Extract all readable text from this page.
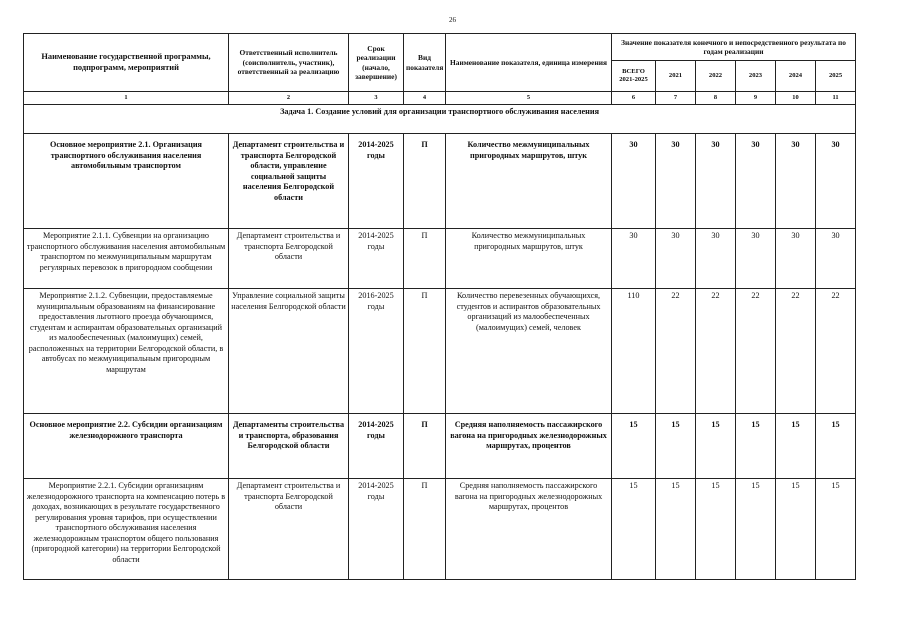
26
Наименование государственной программы, подпрограмм, мероприятий	Ответственный исполнитель (соисполнитель, участник), ответственный за реализацию	Срок реализации (начало, завершение)	Вид показателя	Наименование показателя, единица измерения	Значение показателя конечного и непосредственного результата по годам реализации					
					ВСЕГО 2021-2025	2021	2022	2023	2024	2025
1	2	3	4	5	6	7	8	9	10	11
Задача 1. Создание условий для организации транспортного обслуживания населения										
Основное мероприятие 2.1. Организация транспортного обслуживания населения автомобильным транспортом	Департамент строительства и транспорта Белгородской области, управление социальной защиты населения Белгородской области	2014-2025 годы	П	Количество межмуниципальных пригородных маршрутов, штук	30	30	30	30	30	30
Мероприятие 2.1.1. Субвенции на организацию транспортного обслуживания населения автомобильным транспортом по межмуниципальным маршрутам регулярных перевозок в пригородном сообщении	Департамент строительства и транспорта Белгородской области	2014-2025 годы	П	Количество межмуниципальных пригородных маршрутов, штук	30	30	30	30	30	30
Мероприятие 2.1.2. Субвенции, предоставляемые муниципальным образованиям на финансирование предоставления льготного проезда обучающимся, студентам и аспирантам образовательных организаций из малообеспеченных (малоимущих) семей, расположенных на территории Белгородской области, в автобусах по межмуниципальным пригородным маршрутам	Управление социальной защиты населения Белгородской области	2016-2025 годы	П	Количество перевезенных обучающихся, студентов и аспирантов образовательных организаций из малообеспеченных (малоимущих) семей, человек	110	22	22	22	22	22
Основное мероприятие 2.2. Субсидии организациям железнодорожного транспорта	Департаменты строительства и транспорта, образования Белгородской области	2014-2025 годы	П	Средняя наполняемость пассажирского вагона на пригородных железнодорожных маршрутах, процентов	15	15	15	15	15	15
Мероприятие 2.2.1. Субсидии организациям железнодорожного транспорта на компенсацию потерь в доходах, возникающих в результате государственного регулирования уровня тарифов, при осуществлении транспортного обслуживания населения железнодорожным транспортом общего пользования (пригородной категории) на территории Белгородской области	Департамент строительства и транспорта Белгородской области	2014-2025 годы	П	Средняя наполняемость пассажирского вагона на пригородных железнодорожных маршрутах, процентов	15	15	15	15	15	15
